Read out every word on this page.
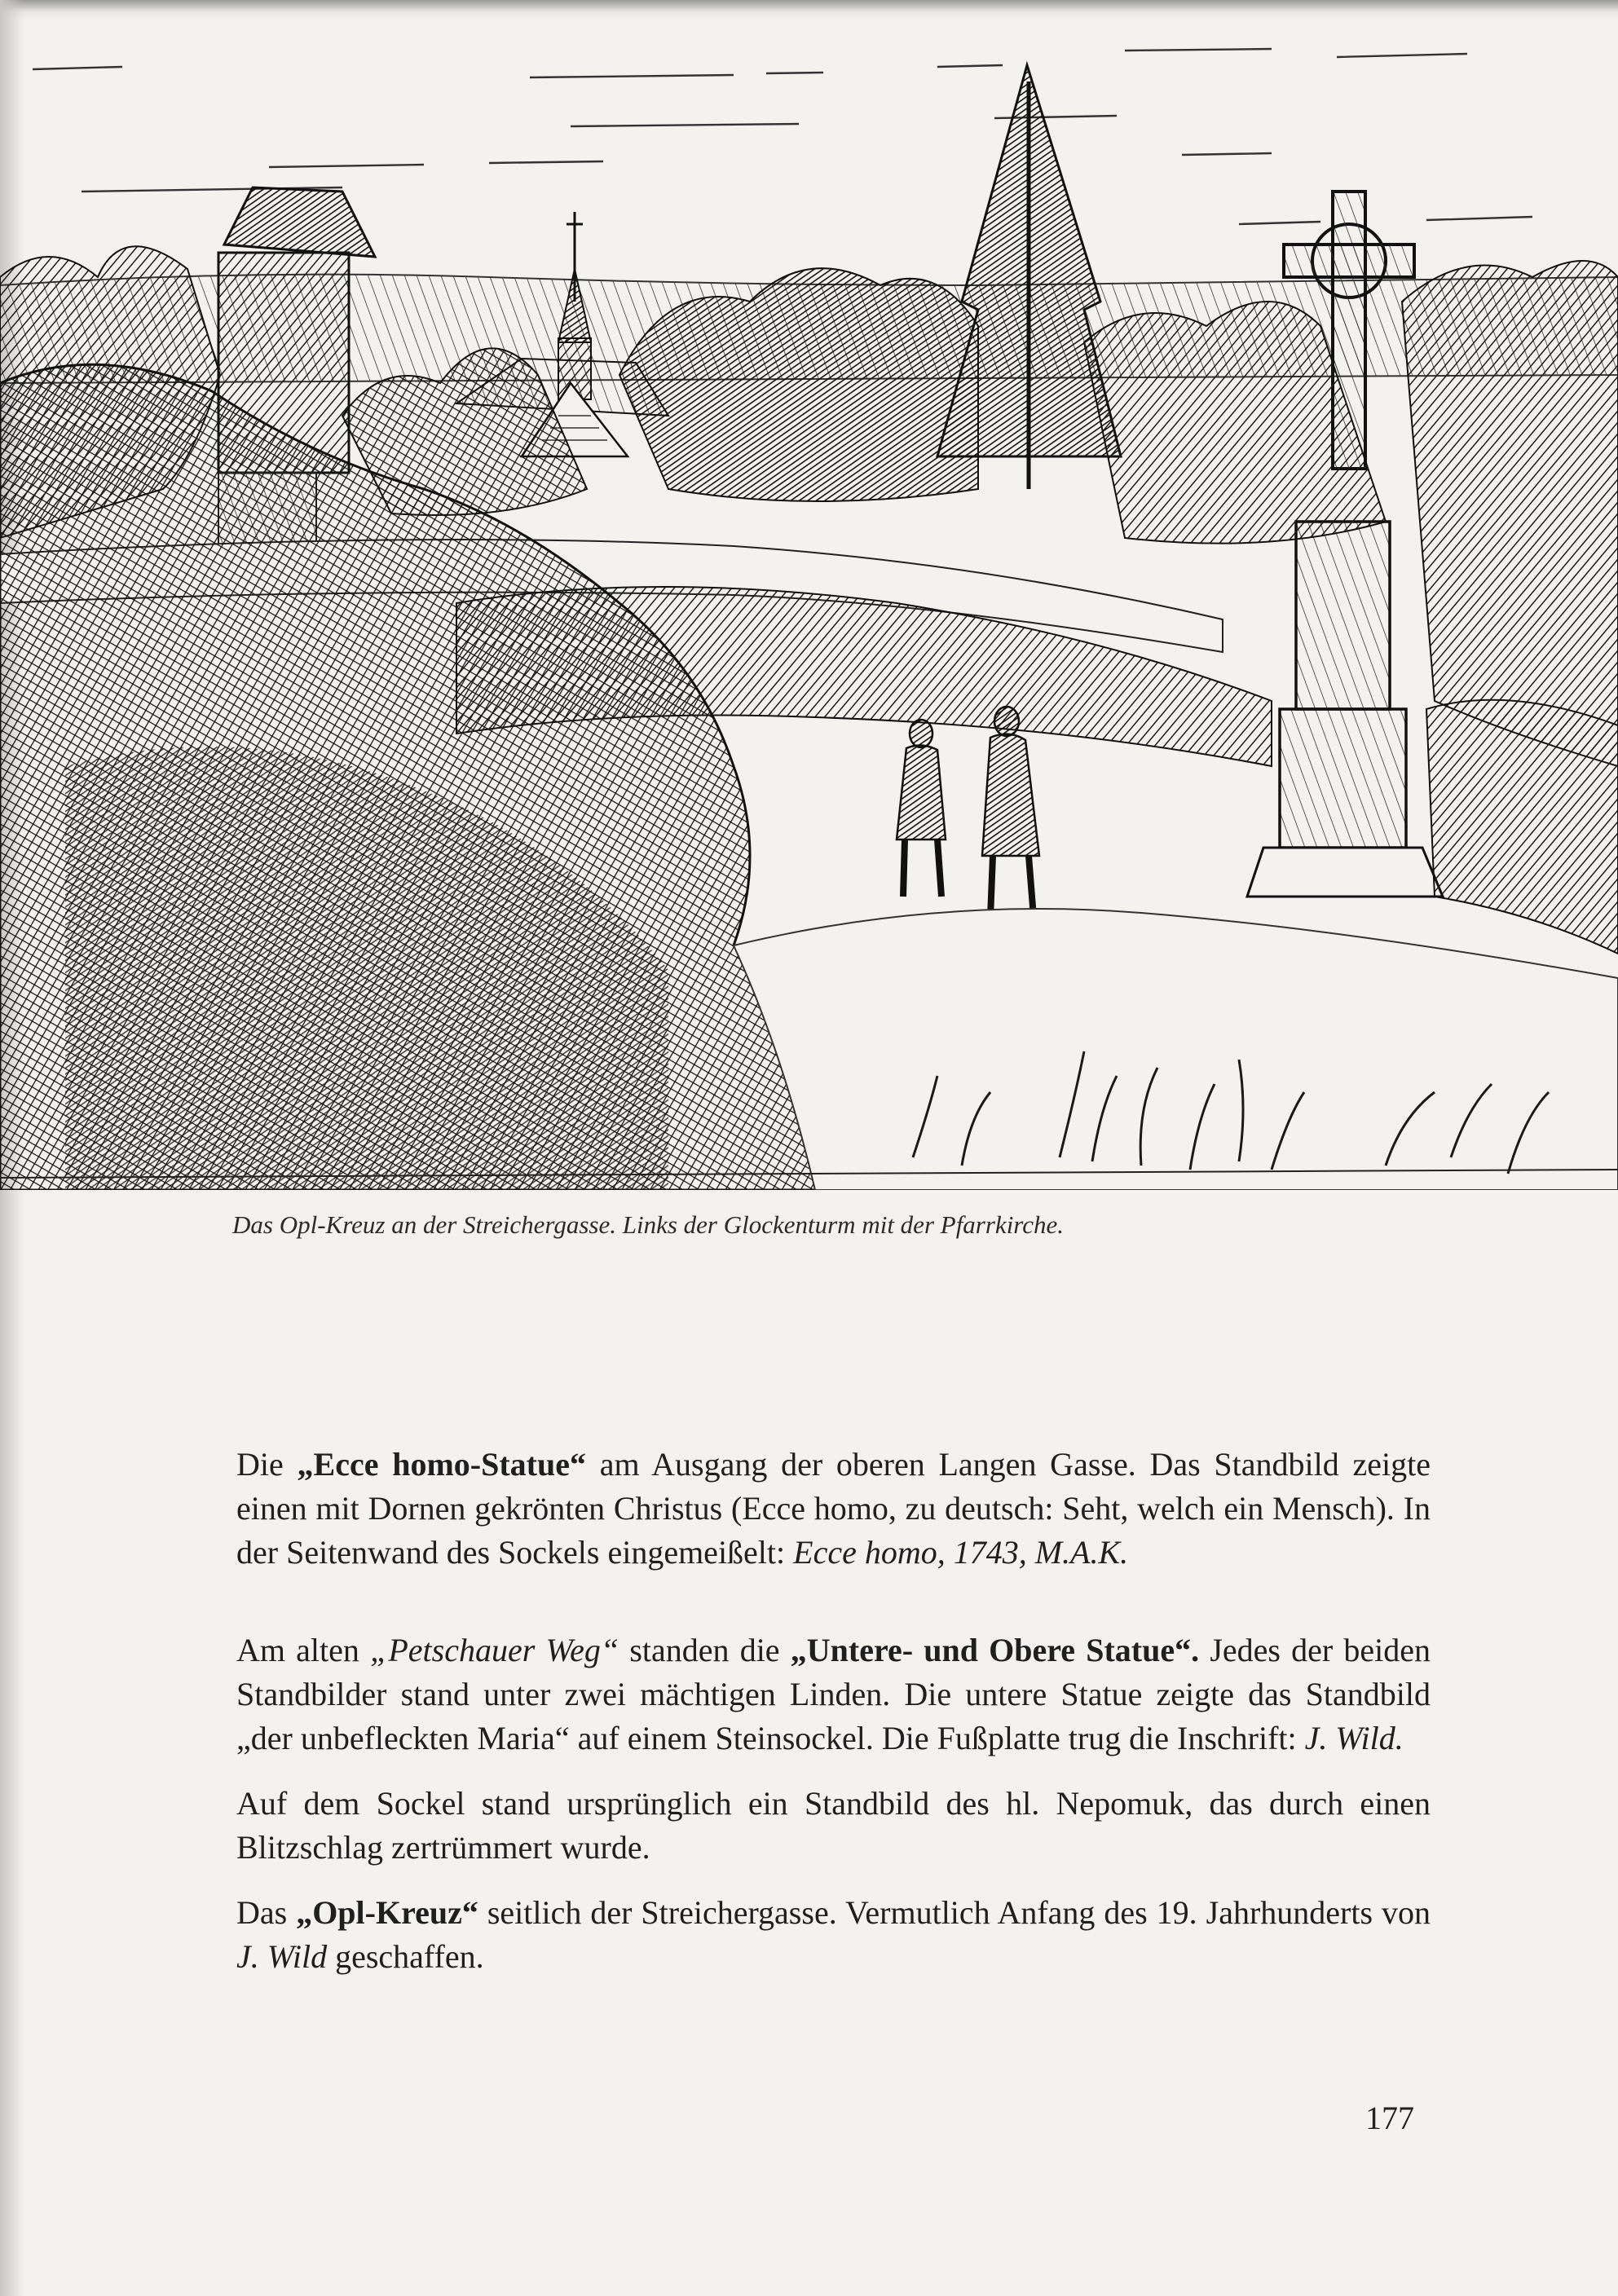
Das Opl-Kreuz an der Streichergasse. Links der Glockenturm mit der Pfarrkirche.

Die „Ecce homo-Statue“ am Ausgang der oberen Langen Gasse. Das Standbild zeigte einen mit Dornen gekrönten Christus (Ecce homo, zu deutsch: Seht, welch ein Mensch). In der Seitenwand des Sockels eingemeißelt: Ecce homo, 1743, M.A.K.

Am alten „Petschauer Weg“ standen die „Untere- und Obere Statue“. Jedes der beiden Standbilder stand unter zwei mächtigen Linden. Die untere Statue zeigte das Standbild „der unbefleckten Maria“ auf einem Steinsockel. Die Fußplatte trug die Inschrift: J. Wild.

Auf dem Sockel stand ursprünglich ein Standbild des hl. Nepomuk, das durch einen Blitzschlag zertrümmert wurde.

Das „Opl-Kreuz“ seitlich der Streichergasse. Vermutlich Anfang des 19. Jahrhunderts von J. Wild geschaffen.

177
